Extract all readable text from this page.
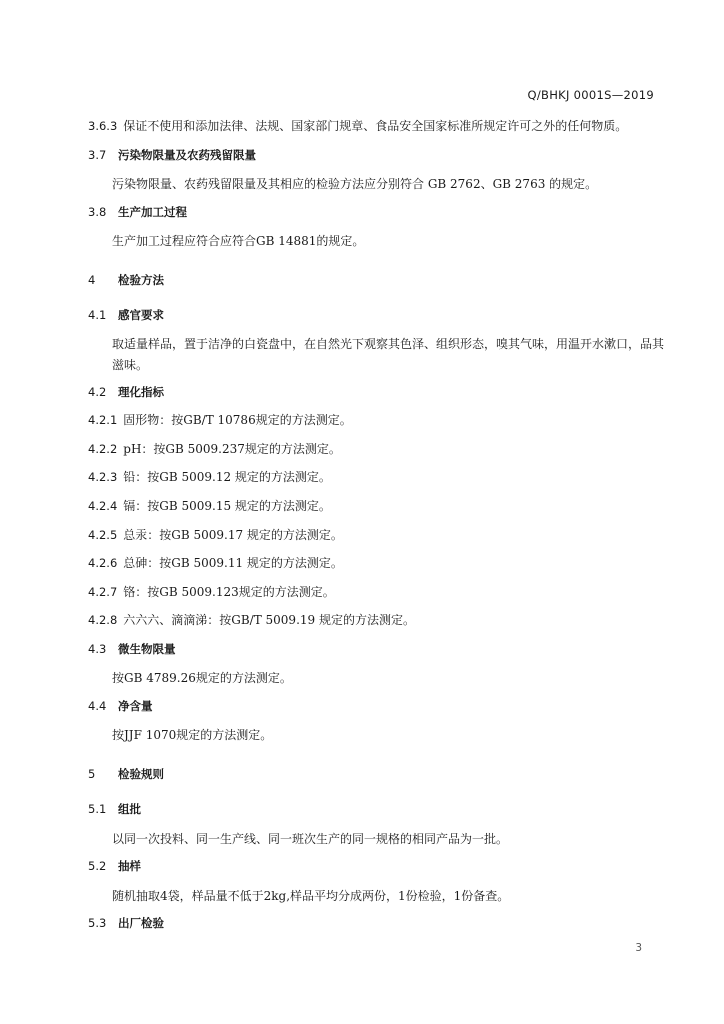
Q/BHKJ 0001S—2019
3.6.3 保证不使用和添加法律、法规、国家部门规章、食品安全国家标准所规定许可之外的任何物质。
3.7 污染物限量及农药残留限量
污染物限量、农药残留限量及其相应的检验方法应分别符合 GB 2762、GB 2763 的规定。
3.8 生产加工过程
生产加工过程应符合应符合GB 14881的规定。
4 检验方法
4.1 感官要求
取适量样品，置于洁净的白瓷盘中，在自然光下观察其色泽、组织形态，嗅其气味，用温开水漱口，品其滋味。
4.2 理化指标
4.2.1 固形物：按GB/T 10786规定的方法测定。
4.2.2 pH：按GB 5009.237规定的方法测定。
4.2.3 铅：按GB 5009.12 规定的方法测定。
4.2.4 镉：按GB 5009.15 规定的方法测定。
4.2.5 总汞：按GB 5009.17 规定的方法测定。
4.2.6 总砷：按GB 5009.11 规定的方法测定。
4.2.7 铬：按GB 5009.123规定的方法测定。
4.2.8 六六六、滴滴涕：按GB/T 5009.19 规定的方法测定。
4.3 微生物限量
按GB 4789.26规定的方法测定。
4.4 净含量
按JJF 1070规定的方法测定。
5 检验规则
5.1 组批
以同一次投料、同一生产线、同一班次生产的同一规格的相同产品为一批。
5.2 抽样
随机抽取4袋，样品量不低于2kg,样品平均分成两份，1份检验，1份备查。
5.3 出厂检验
3
